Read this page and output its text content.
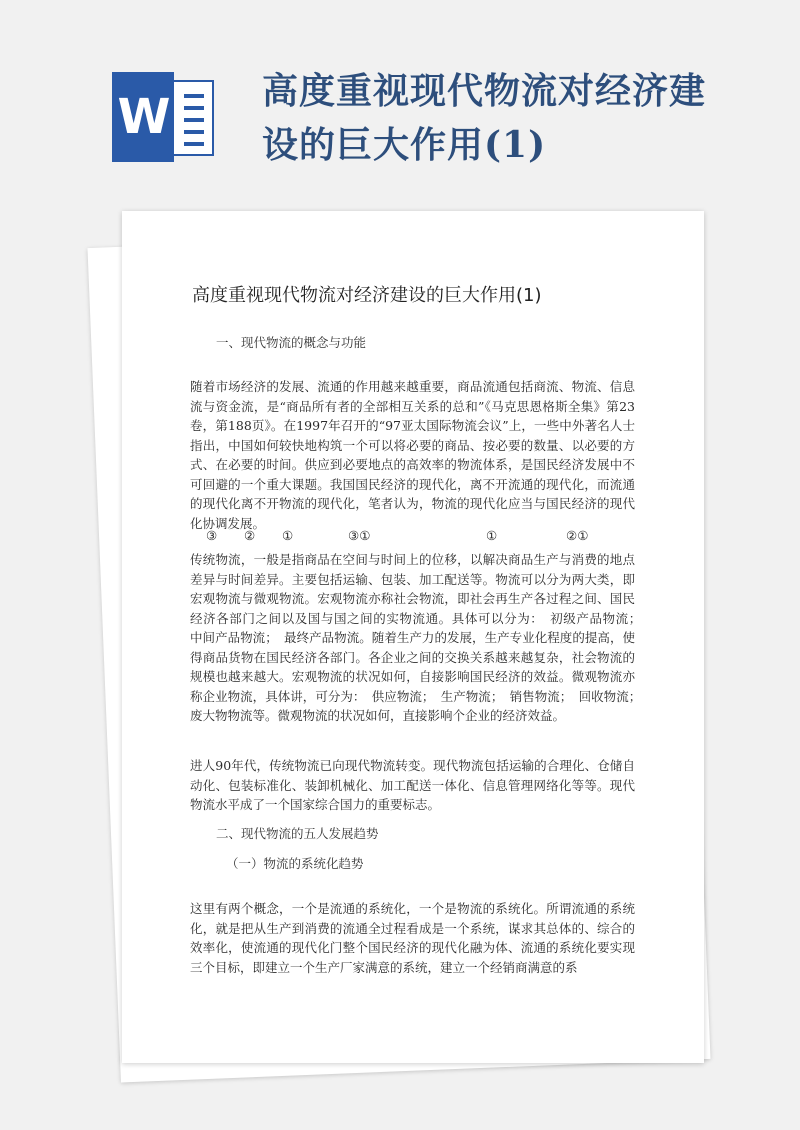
W	高度重视现代物流对经济建设的巨大作用(1)
高度重视现代物流对经济建设的巨大作用(1)
一、现代物流的概念与功能
随着市场经济的发展、流通的作用越来越重要，商品流通包括商流、物流、信息流与资金流，是“商品所有者的全部相互关系的总和”《马克思恩格斯全集》第23卷，第188页》。在1997年召开的“97亚太国际物流会议”上，一些中外著名人士指出，中国如何较快地构筑一个可以将必要的商品、按必要的数量、以必要的方式、在必要的时间。供应到必要地点的高效率的物流体系，是国民经济发展中不可回避的一个重大课题。我国国民经济的现代化，离不开流通的现代化，而流通的现代化离不开物流的现代化，笔者认为，物流的现代化应当与国民经济的现代化协调发展。
③ ② ①	③①	①	②①
传统物流，一般是指商品在空间与时间上的位移，以解决商品生产与消费的地点差异与时间差异。主要包括运输、包装、加工配送等。物流可以分为两大类，即宏观物流与微观物流。宏观物流亦称社会物流，即社会再生产各过程之间、国民经济各部门之间以及国与国之间的实物流通。具体可以分为：　初级产品物流；　中间产品物流；　最终产品物流。随着生产力的发展，生产专业化程度的提高，使得商品货物在国民经济各部门。各企业之间的交换关系越来越复杂，社会物流的规模也越来越大。宏观物流的状况如何，自接影响国民经济的效益。微观物流亦称企业物流，具体讲，可分为：　供应物流；　生产物流；　销售物流；　回收物流；　废大物物流等。微观物流的状况如何，直接影响个企业的经济效益。
进人90年代，传统物流已向现代物流转变。现代物流包括运输的合理化、仓储自动化、包装标准化、装卸机械化、加工配送一体化、信息管理网络化等等。现代物流水平成了一个国家综合国力的重要标志。
二、现代物流的五人发展趋势
（一）物流的系统化趋势
这里有两个概念，一个是流通的系统化，一个是物流的系统化。所谓流通的系统化，就是把从生产到消费的流通全过程看成是一个系统，谋求其总体的、综合的效率化，使流通的现代化门整个国民经济的现代化融为体、流通的系统化要实现三个目标，即建立一个生产厂家满意的系统，建立一个经销商满意的系
